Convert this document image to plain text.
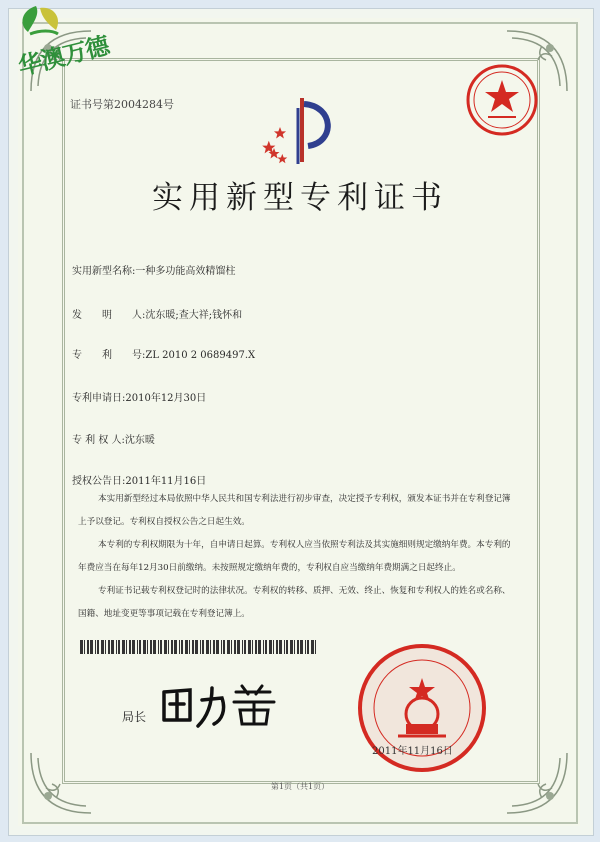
华澳万德
证书号第2004284号
实用新型专利证书
实用新型名称:一种多功能高效精馏柱
发　　明　　人:沈东暖;查大祥;钱怀和
专　　利　　号:ZL 2010 2 0689497.X
专利申请日:2010年12月30日
专 利 权 人:沈东暖
授权公告日:2011年11月16日

本实用新型经过本局依照中华人民共和国专利法进行初步审查，决定授予专利权，颁发本证书并在专利登记簿上予以登记。专利权自授权公告之日起生效。

本专利的专利权期限为十年，自申请日起算。专利权人应当依照专利法及其实施细则规定缴纳年费。本专利的年费应当在每年12月30日前缴纳。未按照规定缴纳年费的，专利权自应当缴纳年费期满之日起终止。

专利证书记载专利权登记时的法律状况。专利权的转移、质押、无效、终止、恢复和专利权人的姓名或名称、国籍、地址变更等事项记载在专利登记簿上。

局长
2011年11月16日
第1页（共1页）
